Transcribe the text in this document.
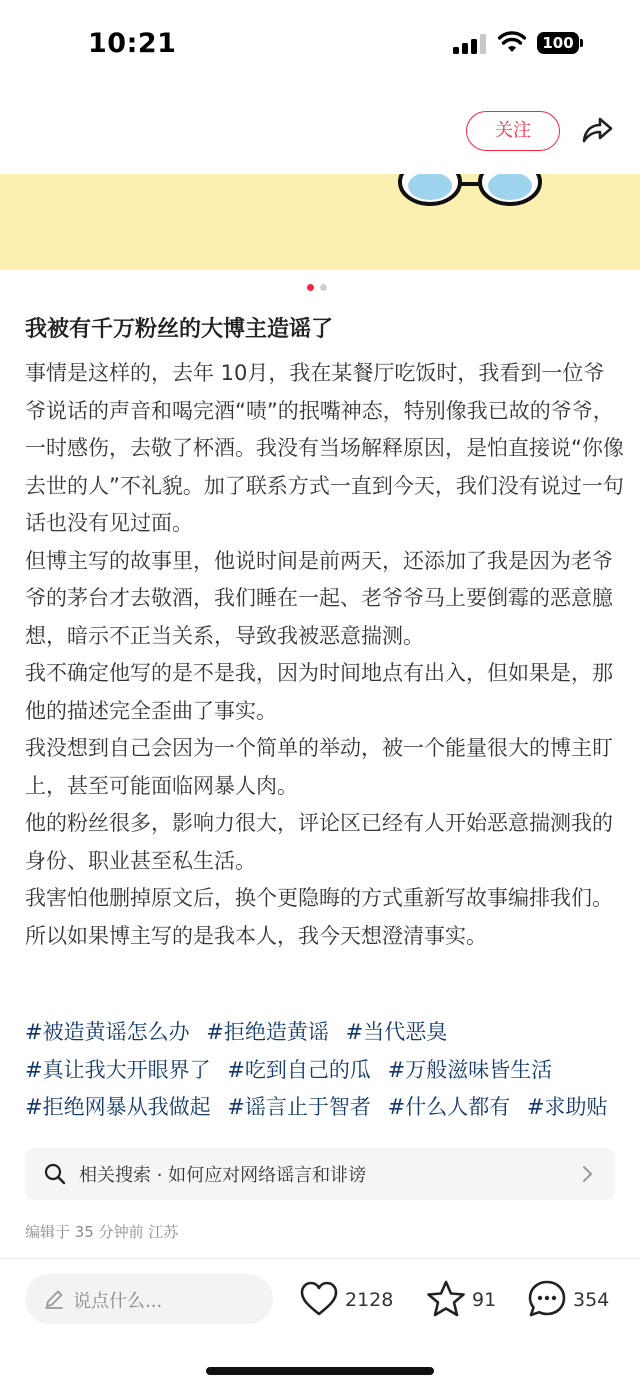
10:21	100
关注
我被有千万粉丝的大博主造谣了

事情是这样的，去年 10月，我在某餐厅吃饭时，我看到一位爷爷说话的声音和喝完酒“啧”的抿嘴神态，特别像我已故的爷爷，一时感伤，去敬了杯酒。我没有当场解释原因，是怕直接说“你像去世的人”不礼貌。加了联系方式一直到今天，我们没有说过一句话也没有见过面。

但博主写的故事里，他说时间是前两天，还添加了我是因为老爷爷的茅台才去敬酒，我们睡在一起、老爷爷马上要倒霉的恶意臆想，暗示不正当关系，导致我被恶意揣测。

我不确定他写的是不是我，因为时间地点有出入，但如果是，那他的描述完全歪曲了事实。

我没想到自己会因为一个简单的举动，被一个能量很大的博主盯上，甚至可能面临网暴人肉。

他的粉丝很多，影响力很大，评论区已经有人开始恶意揣测我的身份、职业甚至私生活。

我害怕他删掉原文后，换个更隐晦的方式重新写故事编排我们。

所以如果博主写的是我本人，我今天想澄清事实。

#被造黄谣怎么办 #拒绝造黄谣 #当代恶臭 #真让我大开眼界了 #吃到自己的瓜 #万般滋味皆生活 #拒绝网暴从我做起 #谣言止于智者 #什么人都有 #求助贴
相关搜索 · 如何应对网络谣言和诽谤
编辑于 35 分钟前 江苏
说点什么...	2128	91	354
